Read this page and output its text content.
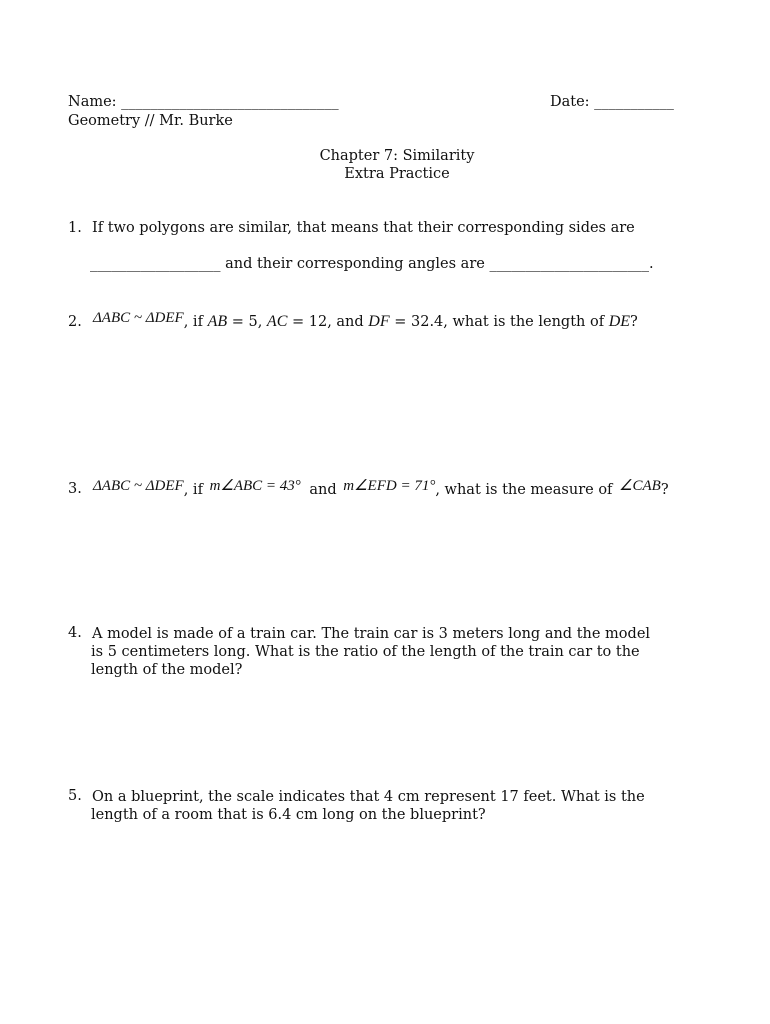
Name: ______________________________	Date: ___________
Geometry // Mr. Burke
Chapter 7: Similarity
Extra Practice
1. If two polygons are similar, that means that their corresponding sides are
__________________ and their corresponding angles are ______________________.
2. ΔABC ~ ΔDEF, if AB = 5, AC = 12, and DF = 32.4, what is the length of DE?
3. ΔABC ~ ΔDEF, if m∠ABC = 43° and m∠EFD = 71°, what is the measure of ∠CAB?
4. A model is made of a train car. The train car is 3 meters long and the model
is 5 centimeters long. What is the ratio of the length of the train car to the
length of the model?
5. On a blueprint, the scale indicates that 4 cm represent 17 feet. What is the
length of a room that is 6.4 cm long on the blueprint?
